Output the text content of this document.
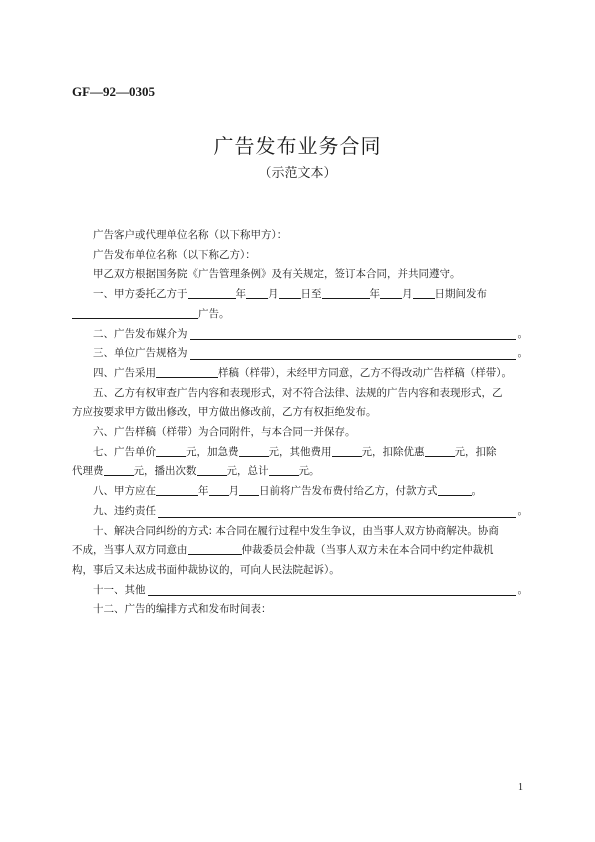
GF—92—0305
广告发布业务合同
（示范文本）

广告客户或代理单位名称（以下称甲方）：

广告发布单位名称（以下称乙方）：

甲乙双方根据国务院《广告管理条例》及有关规定，签订本合同，并共同遵守。

一、甲方委托乙方于	年 月 日至	年 月 日期间发布

广告。

二、广告发布媒介为	。
三、单位广告规格为	。

四、广告采用	样稿（样带），未经甲方同意，乙方不得改动广告样稿（样带）。

五、乙方有权审查广告内容和表现形式，对不符合法律、法规的广告内容和表现形式，乙

方应按要求甲方做出修改，甲方做出修改前，乙方有权拒绝发布。

六、广告样稿（样带）为合同附件，与本合同一并保存。

七、广告单价	元，加急费	元，其他费用	元，扣除优惠	元，扣除

代理费	元，播出次数	元，总计	元。

八、甲方应在	年 月 日前将广告发布费付给乙方，付款方式	。

九、违约责任	。

十、解决合同纠纷的方式: 本合同在履行过程中发生争议，由当事人双方协商解决。协商

不成，当事人双方同意由	仲裁委员会仲裁（当事人双方未在本合同中约定仲裁机

构，事后又未达成书面仲裁协议的，可向人民法院起诉）。

十一、其他	。

十二、广告的编排方式和发布时间表：

1
